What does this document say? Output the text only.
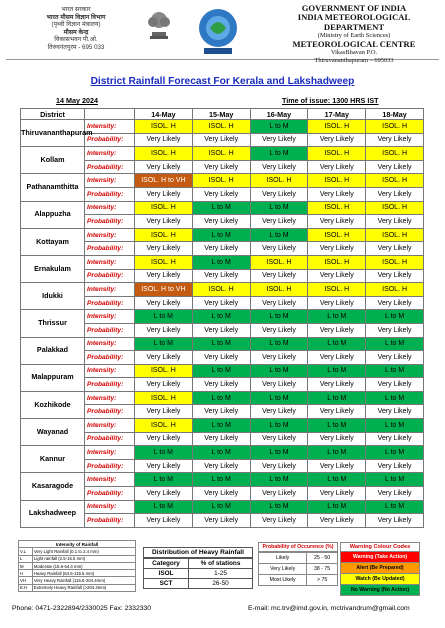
भारत सरकार
भारत मौसम विज्ञान विभाग
(पृथ्वी विज्ञान मंत्रालय)
मौसम केन्द्र
विकासभवन पी.ओ.
तिरुवनंतपुरम - 695 033
GOVERNMENT OF INDIA
INDIA METEOROLOGICAL
DEPARTMENT
(Ministry of Earth Sciences)
METEOROLOGICAL CENTRE
VikasBhavan P.O.
Thiruvananthapuram – 695033
District Rainfall Forecast For Kerala and Lakshadweep
14 May 2024	Time of issue: 1300 HRS IST
District		14-May	15-May	16-May	17-May	18-May
Thiruvananthapuram	Intensity:	ISOL. H	ISOL. H	L to M	ISOL. H	ISOL. H
	Probability:	Very Likely	Very Likely	Very Likely	Very Likely	Very Likely
Kollam	Intensity:	ISOL. H	ISOL. H	L to M	ISOL. H	ISOL. H
	Probability:	Very Likely	Very Likely	Very Likely	Very Likely	Very Likely
Pathanamthitta	Intensity:	ISOL. H to VH	ISOL. H	ISOL. H	ISOL. H	ISOL. H
	Probability:	Very Likely	Very Likely	Very Likely	Very Likely	Very Likely
Alappuzha	Intensity:	ISOL. H	L to M	L to M	ISOL. H	ISOL. H
	Probability:	Very Likely	Very Likely	Very Likely	Very Likely	Very Likely
Kottayam	Intensity:	ISOL. H	L to M	L to M	ISOL. H	ISOL. H
	Probability:	Very Likely	Very Likely	Very Likely	Very Likely	Very Likely
Ernakulam	Intensity:	ISOL. H	L to M	ISOL. H	ISOL. H	ISOL. H
	Probability:	Very Likely	Very Likely	Very Likely	Very Likely	Very Likely
Idukki	Intensity:	ISOL. H to VH	ISOL. H	ISOL. H	ISOL. H	ISOL. H
	Probability:	Very Likely	Very Likely	Very Likely	Very Likely	Very Likely
Thrissur	Intensity:	L to M	L to M	L to M	L to M	L to M
	Probability:	Very Likely	Very Likely	Very Likely	Very Likely	Very Likely
Palakkad	Intensity:	L to M	L to M	L to M	L to M	L to M
	Probability:	Very Likely	Very Likely	Very Likely	Very Likely	Very Likely
Malappuram	Intensity:	ISOL. H	L to M	L to M	L to M	L to M
	Probability:	Very Likely	Very Likely	Very Likely	Very Likely	Very Likely
Kozhikode	Intensity:	ISOL. H	L to M	L to M	L to M	L to M
	Probability:	Very Likely	Very Likely	Very Likely	Very Likely	Very Likely
Wayanad	Intensity:	ISOL. H	L to M	L to M	L to M	L to M
	Probability:	Very Likely	Very Likely	Very Likely	Very Likely	Very Likely
Kannur	Intensity:	L to M	L to M	L to M	L to M	L to M
	Probability:	Very Likely	Very Likely	Very Likely	Very Likely	Very Likely
Kasaragode	Intensity:	L to M	L to M	L to M	L to M	L to M
	Probability:	Very Likely	Very Likely	Very Likely	Very Likely	Very Likely
Lakshadweep	Intensity:	L to M	L to M	L to M	L to M	L to M
	Probability:	Very Likely	Very Likely	Very Likely	Very Likely	Very Likely
Intensity of Rainfall	
V.L	Very Light Rainfall (0.1 to 2.4 mm)
L	Light rainfall (2.5-15.5 mm)
M	Moderate (15.6-64.4 mm)
H	Heavy Rainfall (64.5-115.5 mm)
VH	Very Heavy Rainfall (115.6-204.4mm)
E.H	Extremely Heavy Rainfall (>204.4mm)
Distribution of Heavy Rainfall
Category	% of stations
ISOL	1-25
SCT	26-50
Probability of Occurence (%)
Likely	25 - 50
Very Likely	38 - 75
Most Likely	> 75
Warning Colour Codes
Warning (Take Action)
Alert (Be Prepared)
Watch (Be Updated)
No Warning (No Action)
Phone: 0471-2322894/2330025 Fax: 2332330	E-mail: mc.trv@imd.gov.in, mctrivandrum@gmail.com
